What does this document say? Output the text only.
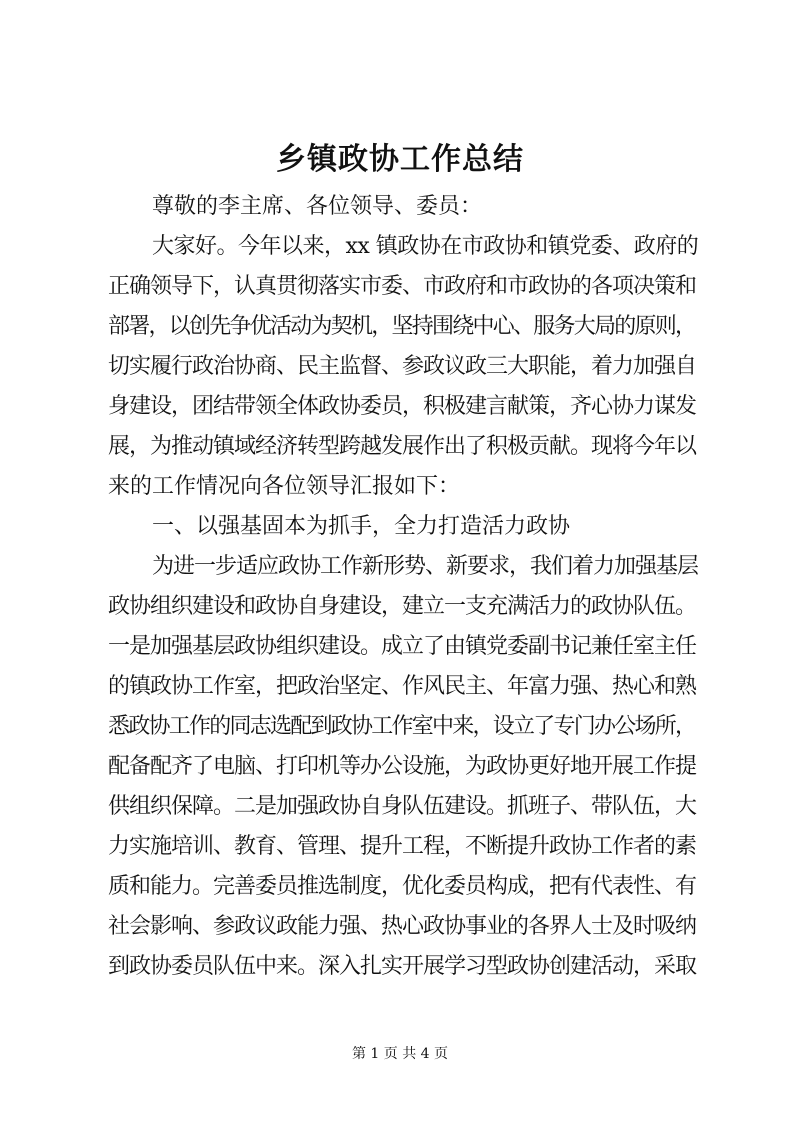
乡镇政协工作总结
尊敬的李主席、各位领导、委员：
大家好。今年以来，xx 镇政协在市政协和镇党委、政府的
正确领导下，认真贯彻落实市委、市政府和市政协的各项决策和
部署，以创先争优活动为契机，坚持围绕中心、服务大局的原则，
切实履行政治协商、民主监督、参政议政三大职能，着力加强自
身建设，团结带领全体政协委员，积极建言献策，齐心协力谋发
展，为推动镇域经济转型跨越发展作出了积极贡献。现将今年以
来的工作情况向各位领导汇报如下：
一、以强基固本为抓手，全力打造活力政协
为进一步适应政协工作新形势、新要求，我们着力加强基层
政协组织建设和政协自身建设，建立一支充满活力的政协队伍。
一是加强基层政协组织建设。成立了由镇党委副书记兼任室主任
的镇政协工作室，把政治坚定、作风民主、年富力强、热心和熟
悉政协工作的同志选配到政协工作室中来，设立了专门办公场所，
配备配齐了电脑、打印机等办公设施，为政协更好地开展工作提
供组织保障。二是加强政协自身队伍建设。抓班子、带队伍，大
力实施培训、教育、管理、提升工程，不断提升政协工作者的素
质和能力。完善委员推选制度，优化委员构成，把有代表性、有
社会影响、参政议政能力强、热心政协事业的各界人士及时吸纳
到政协委员队伍中来。深入扎实开展学习型政协创建活动，采取
第 1 页 共 4 页
